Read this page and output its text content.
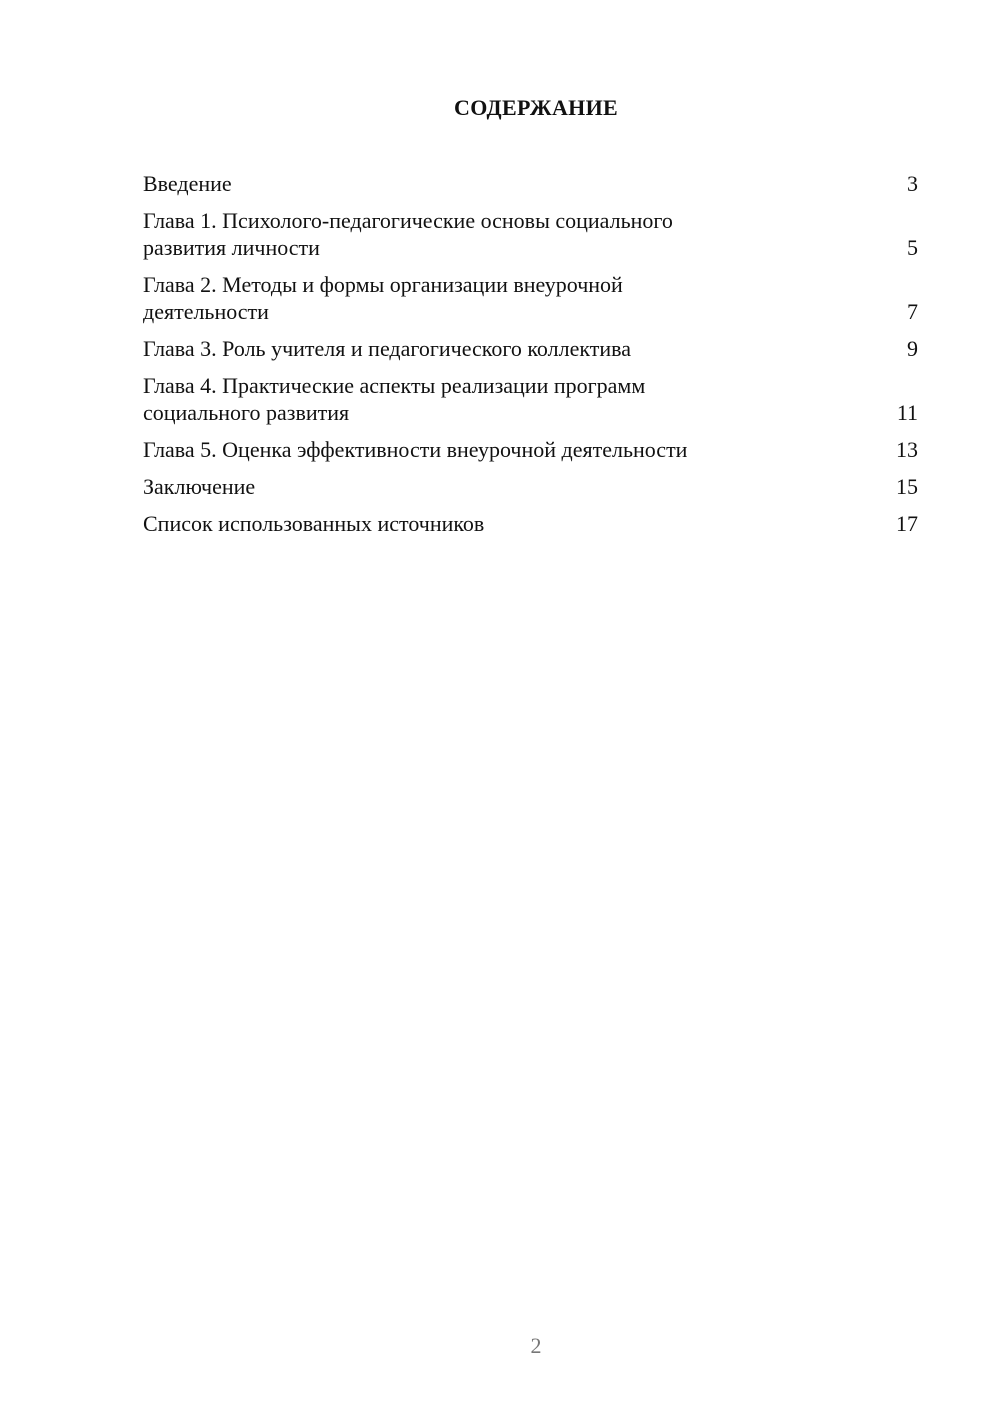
СОДЕРЖАНИЕ
Введение	3
Глава 1. Психолого-педагогические основы социального
развития личности	5
Глава 2. Методы и формы организации внеурочной
деятельности	7
Глава 3. Роль учителя и педагогического коллектива	9
Глава 4. Практические аспекты реализации программ
социального развития	11
Глава 5. Оценка эффективности внеурочной деятельности	13
Заключение	15
Список использованных источников	17
2
